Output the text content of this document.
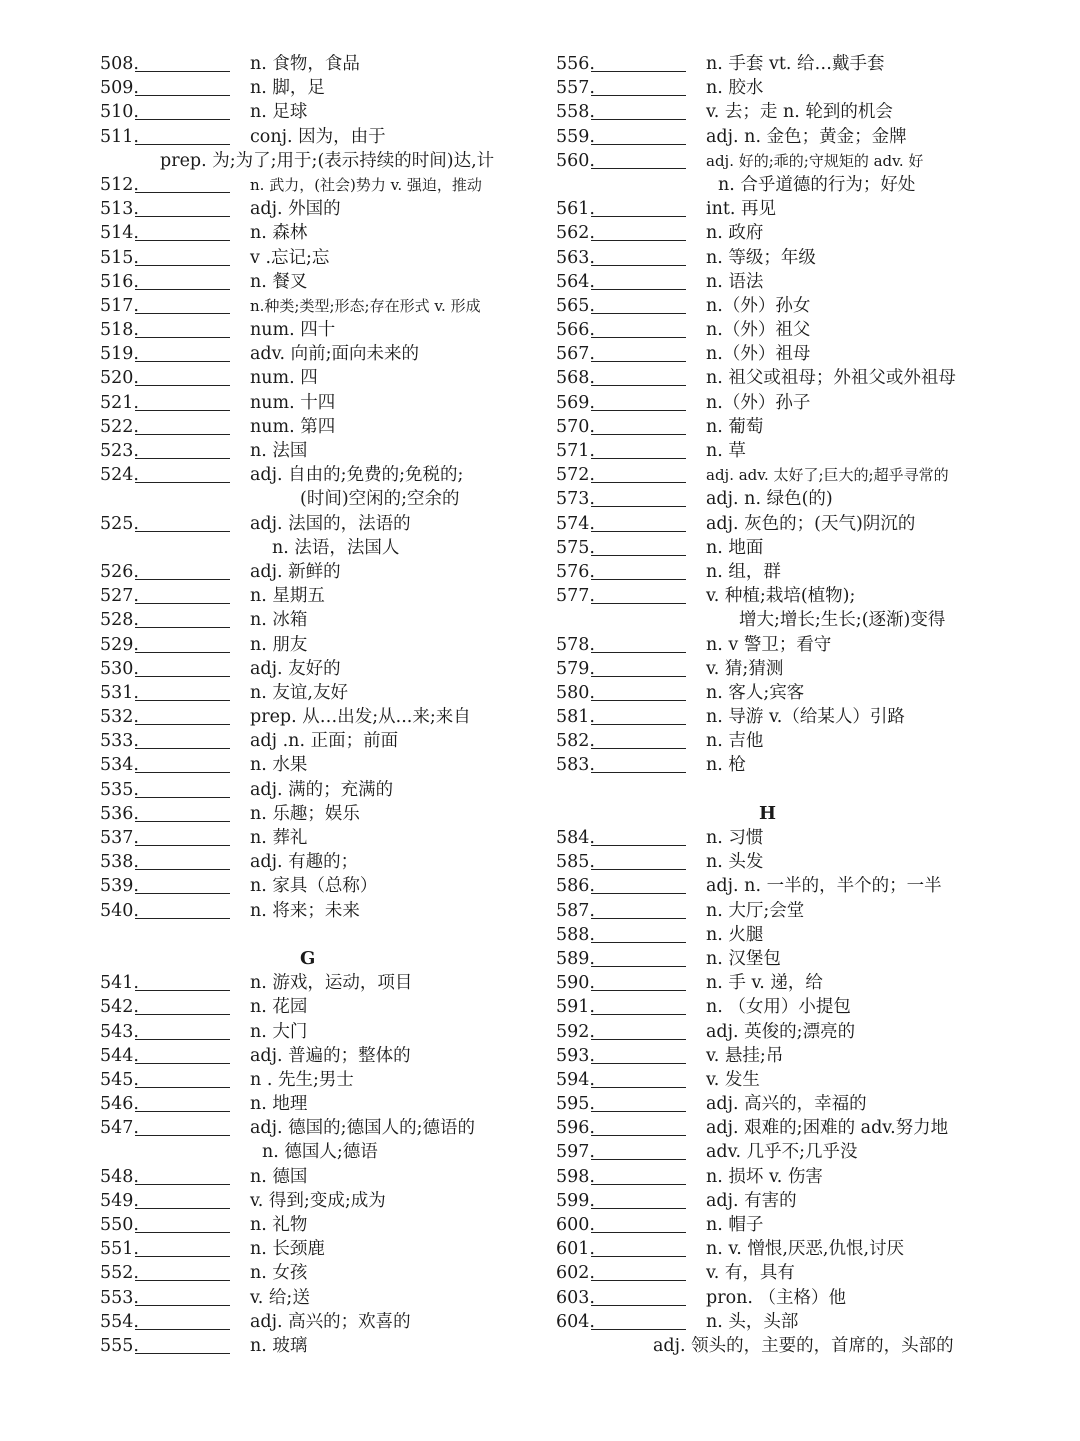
508.	n. 食物，食品
509.	n. 脚，足
510.	n. 足球
511.	conj. 因为，由于
prep. 为;为了;用于;(表示持续的时间)达,计
512.	n. 武力，(社会)势力 v. 强迫，推动
513.	adj. 外国的
514.	n. 森林
515.	v .忘记;忘
516.	n. 餐叉
517.	n.种类;类型;形态;存在形式 v. 形成
518.	num. 四十
519.	adv. 向前;面向未来的
520.	num. 四
521.	num. 十四
522.	num. 第四
523.	n. 法国
524.	adj. 自由的;免费的;免税的;
(时间)空闲的;空余的
525.	adj. 法国的，法语的
n. 法语，法国人
526.	adj. 新鲜的
527.	n. 星期五
528.	n. 冰箱
529.	n. 朋友
530.	adj. 友好的
531.	n. 友谊,友好
532.	prep. 从…出发;从...来;来自
533.	adj .n. 正面；前面
534.	n. 水果
535.	adj. 满的；充满的
536.	n. 乐趣；娱乐
537.	n. 葬礼
538.	adj. 有趣的；
539.	n. 家具（总称）
540.	n. 将来；未来
G
541.	n. 游戏，运动，项目
542.	n. 花园
543.	n. 大门
544.	adj. 普遍的；整体的
545.	n . 先生;男士
546.	n. 地理
547.	adj. 德国的;德国人的;德语的
n. 德国人;德语
548.	n. 德国
549.	v. 得到;变成;成为
550.	n. 礼物
551.	n. 长颈鹿
552.	n. 女孩
553.	v. 给;送
554.	adj. 高兴的；欢喜的
555.	n. 玻璃
556.	n. 手套 vt. 给…戴手套
557.	n. 胶水
558.	v. 去；走 n. 轮到的机会
559.	adj. n. 金色；黄金；金牌
560.	adj. 好的;乖的;守规矩的 adv. 好
n. 合乎道德的行为；好处
561.	int. 再见
562.	n. 政府
563.	n. 等级；年级
564.	n. 语法
565.	n.（外）孙女
566.	n.（外）祖父
567.	n.（外）祖母
568.	n. 祖父或祖母；外祖父或外祖母
569.	n.（外）孙子
570.	n. 葡萄
571.	n. 草
572.	adj. adv. 太好了;巨大的;超乎寻常的
573.	adj. n. 绿色(的)
574.	adj. 灰色的；(天气)阴沉的
575.	n. 地面
576.	n. 组，群
577.	v. 种植;栽培(植物);
增大;增长;生长;(逐渐)变得
578.	n. v 警卫；看守
579.	v. 猜;猜测
580.	n. 客人;宾客
581.	n. 导游 v.（给某人）引路
582.	n. 吉他
583.	n. 枪
H
584.	n. 习惯
585.	n. 头发
586.	adj. n. 一半的，半个的；一半
587.	n. 大厅;会堂
588.	n. 火腿
589.	n. 汉堡包
590.	n. 手 v. 递，给
591.	n. （女用）小提包
592.	adj. 英俊的;漂亮的
593.	v. 悬挂;吊
594.	v. 发生
595.	adj. 高兴的，幸福的
596.	adj. 艰难的;困难的 adv.努力地
597.	adv. 几乎不;几乎没
598.	n. 损坏 v. 伤害
599.	adj. 有害的
600.	n. 帽子
601.	n. v. 憎恨,厌恶,仇恨,讨厌
602.	v. 有，具有
603.	pron. （主格）他
604.	n. 头，头部
adj. 领头的，主要的，首席的，头部的
